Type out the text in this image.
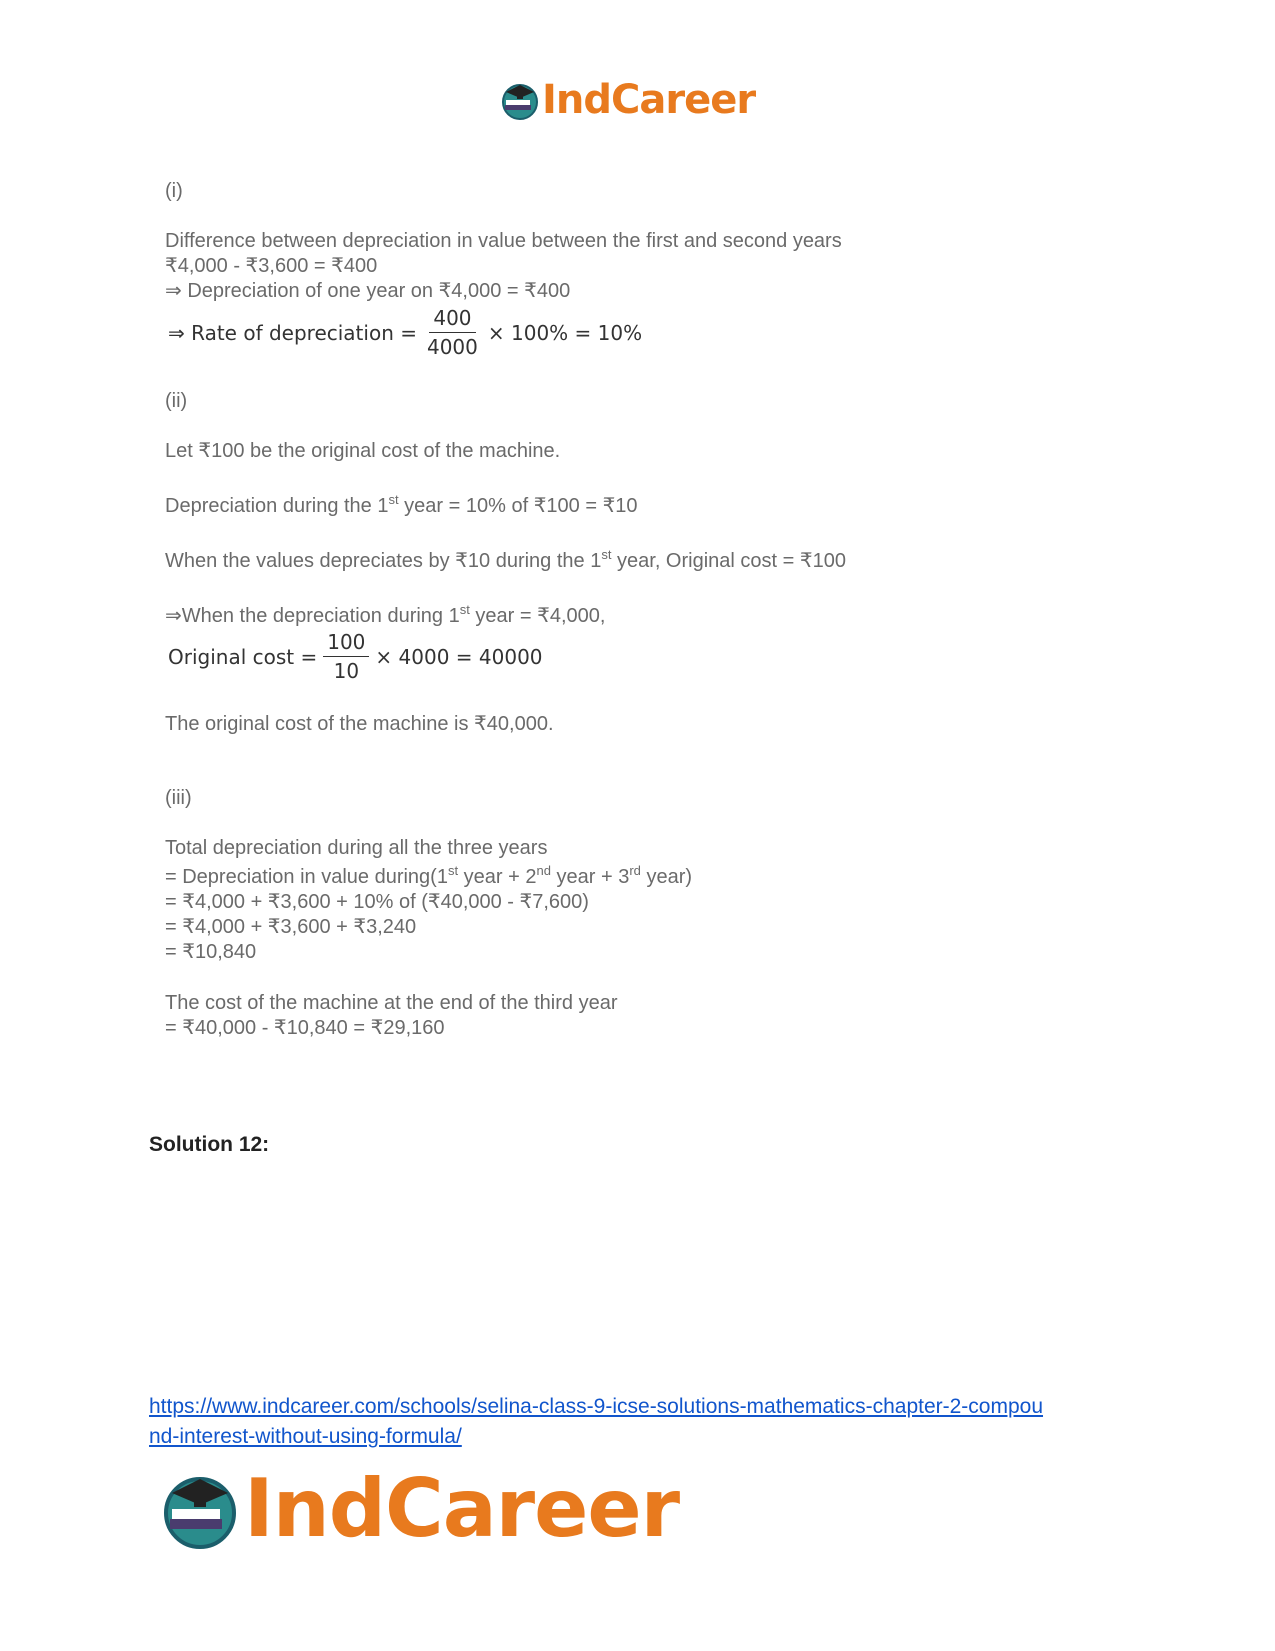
IndCareer
(i)
Difference between depreciation in value between the first and second years
₹4,000 - ₹3,600 = ₹400
⇒ Depreciation of one year on ₹4,000 = ₹400
⇒ Rate of depreciation = $\frac{400}{4000} \times 100\% = 10\%$
(ii)
Let ₹100 be the original cost of the machine.
Depreciation during the 1st year = 10% of ₹100 = ₹10
When the values depreciates by ₹10 during the 1st year, Original cost = ₹100
⇒When the depreciation during 1st year = ₹4,000,
Original $\cos t = \frac{100}{10} \times 4000 = 40000$
The original cost of the machine is ₹40,000.
(iii)
Total depreciation during all the three years
= Depreciation in value during(1st year + 2nd year + 3rd year)
= ₹4,000 + ₹3,600 + 10% of (₹40,000 - ₹7,600)
= ₹4,000 + ₹3,600 + ₹3,240
= ₹10,840
The cost of the machine at the end of the third year
= ₹40,000 - ₹10,840 = ₹29,160
Solution 12:
https://www.indcareer.com/schools/selina-class-9-icse-solutions-mathematics-chapter-2-compou
nd-interest-without-using-formula/
IndCareer
